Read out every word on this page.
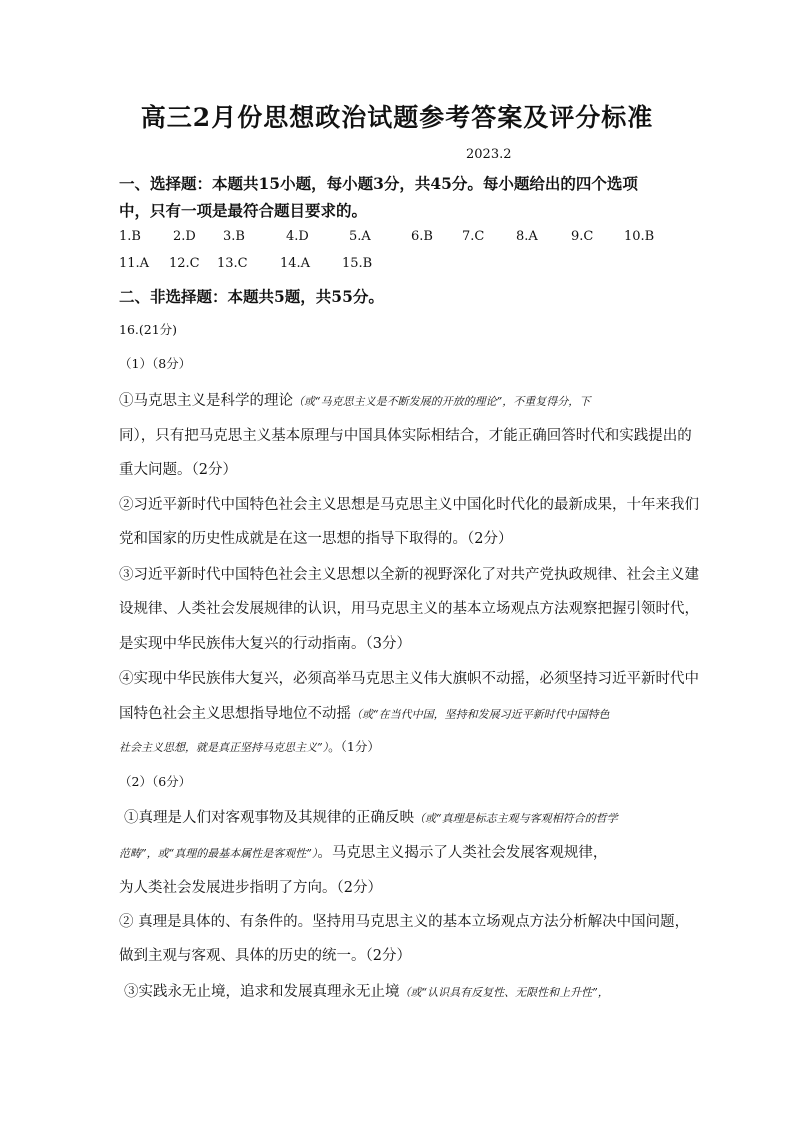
高三2月份思想政治试题参考答案及评分标准
2023.2
一、选择题：本题共15小题，每小题3分，共45分。每小题给出的四个选项
中，只有一项是最符合题目要求的。
1.B 2.D 3.B	4.D	5.A	6.B 7.C 8.A	9.C 10.B
11.A 12.C 13.C 14.A 15.B
二、非选择题：本题共5题，共55分。
16.(21分)
（1）（8分）
①马克思主义是科学的理论（或“马克思主义是不断发展的开放的理论”，不重复得分，下
同），只有把马克思主义基本原理与中国具体实际相结合，才能正确回答时代和实践提出的
重大问题。（2分）
②习近平新时代中国特色社会主义思想是马克思主义中国化时代化的最新成果，十年来我们
党和国家的历史性成就是在这一思想的指导下取得的。（2分）
③习近平新时代中国特色社会主义思想以全新的视野深化了对共产党执政规律、社会主义建
设规律、人类社会发展规律的认识，用马克思主义的基本立场观点方法观察把握引领时代，
是实现中华民族伟大复兴的行动指南。（3分）
④实现中华民族伟大复兴，必须高举马克思主义伟大旗帜不动摇，必须坚持习近平新时代中
国特色社会主义思想指导地位不动摇（或“在当代中国，坚持和发展习近平新时代中国特色
社会主义思想，就是真正坚持马克思主义”）。（1分）
（2）（6分）
①真理是人们对客观事物及其规律的正确反映（或“真理是标志主观与客观相符合的哲学
范畴”，或“真理的最基本属性是客观性”）。马克思主义揭示了人类社会发展客观规律，
为人类社会发展进步指明了方向。（2分）
② 真理是具体的、有条件的。坚持用马克思主义的基本立场观点方法分析解决中国问题，
做到主观与客观、具体的历史的统一。（2分）
③实践永无止境，追求和发展真理永无止境（或“认识具有反复性、无限性和上升性”，
